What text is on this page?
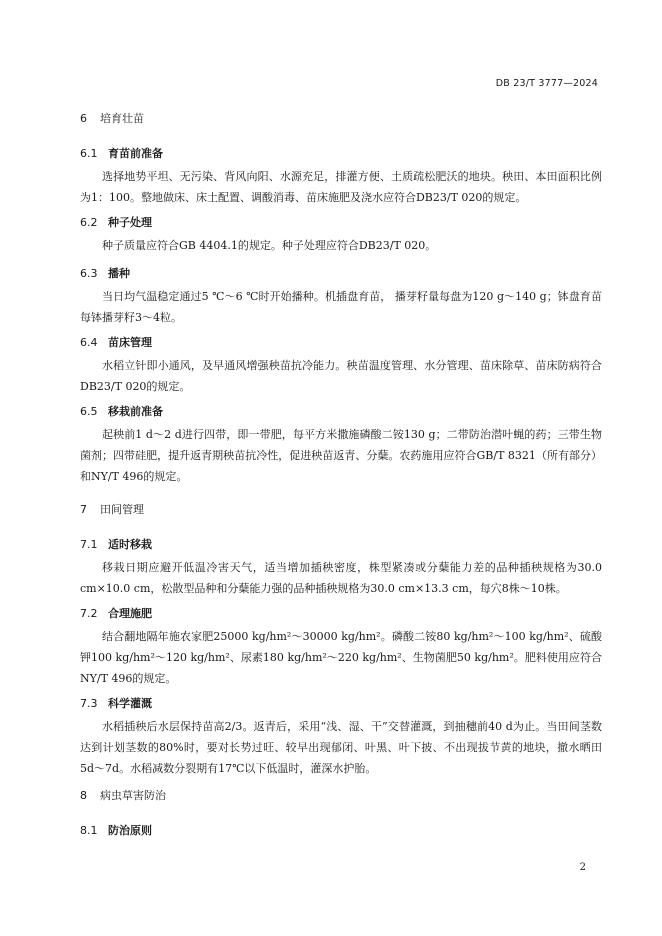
DB 23/T 3777—2024
6 培育壮苗
6.1 育苗前准备
选择地势平坦、无污染、背风向阳、水源充足，排灌方便、土质疏松肥沃的地块。秧田、本田面积比例为1：100。整地做床、床土配置、调酸消毒、苗床施肥及浇水应符合DB23/T 020的规定。
6.2 种子处理
种子质量应符合GB 4404.1的规定。种子处理应符合DB23/T 020。
6.3 播种
当日均气温稳定通过5 ℃～6 ℃时开始播种。机插盘育苗， 播芽籽量每盘为120 g～140 g；钵盘育苗每钵播芽籽3～4粒。
6.4 苗床管理
水稻立针即小通风，及早通风增强秧苗抗冷能力。秧苗温度管理、水分管理、苗床除草、苗床防病符合DB23/T 020的规定。
6.5 移栽前准备
起秧前1 d～2 d进行四带，即一带肥，每平方米撒施磷酸二铵130 g；二带防治潜叶蝇的药；三带生物菌剂；四带硅肥，提升返青期秧苗抗冷性，促进秧苗返青、分蘖。农药施用应符合GB/T 8321（所有部分）和NY/T 496的规定。
7 田间管理
7.1 适时移栽
移栽日期应避开低温冷害天气，适当增加插秧密度，株型紧凑或分蘖能力差的品种插秧规格为30.0 cm×10.0 cm，松散型品种和分蘖能力强的品种插秧规格为30.0 cm×13.3 cm，每穴8株～10株。
7.2 合理施肥
结合翻地隔年施农家肥25000 kg/hm²～30000 kg/hm²。磷酸二铵80 kg/hm²～100 kg/hm²、硫酸钾100 kg/hm²～120 kg/hm²、尿素180 kg/hm²～220 kg/hm²、生物菌肥50 kg/hm²。肥料使用应符合NY/T 496的规定。
7.3 科学灌溉
水稻插秧后水层保持苗高2/3。返青后，采用“浅、湿、干”交替灌溉，到抽穗前40 d为止。当田间茎数达到计划茎数的80%时，要对长势过旺、较早出现郁闭、叶黑、叶下披、不出现拔节黄的地块，撤水晒田5d～7d。水稻减数分裂期有17℃以下低温时，灌深水护胎。
8 病虫草害防治
8.1 防治原则
2
